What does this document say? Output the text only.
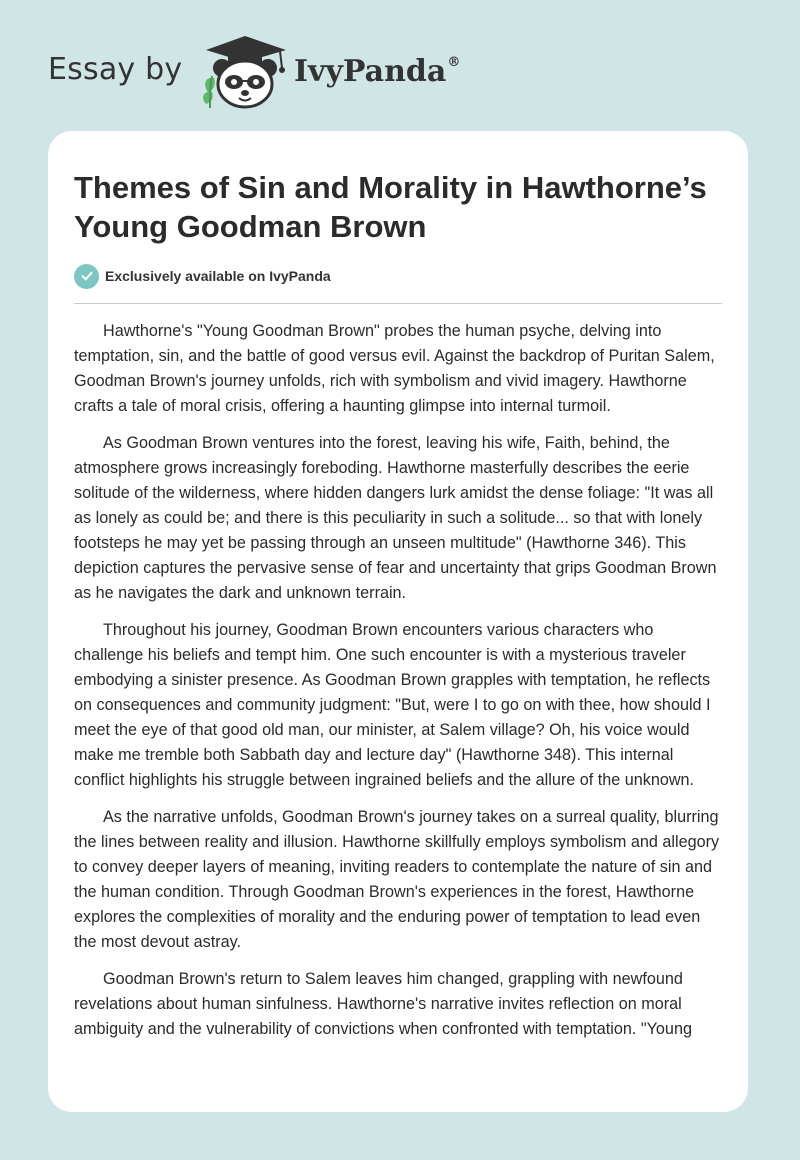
Essay by	IvyPanda®
Themes of Sin and Morality in Hawthorne’s Young Goodman Brown
Exclusively available on IvyPanda

Hawthorne's "Young Goodman Brown" probes the human psyche, delving into temptation, sin, and the battle of good versus evil. Against the backdrop of Puritan Salem, Goodman Brown's journey unfolds, rich with symbolism and vivid imagery. Hawthorne crafts a tale of moral crisis, offering a haunting glimpse into internal turmoil.

As Goodman Brown ventures into the forest, leaving his wife, Faith, behind, the atmosphere grows increasingly foreboding. Hawthorne masterfully describes the eerie solitude of the wilderness, where hidden dangers lurk amidst the dense foliage: "It was all as lonely as could be; and there is this peculiarity in such a solitude... so that with lonely footsteps he may yet be passing through an unseen multitude" (Hawthorne 346). This depiction captures the pervasive sense of fear and uncertainty that grips Goodman Brown as he navigates the dark and unknown terrain.

Throughout his journey, Goodman Brown encounters various characters who challenge his beliefs and tempt him. One such encounter is with a mysterious traveler embodying a sinister presence. As Goodman Brown grapples with temptation, he reflects on consequences and community judgment: "But, were I to go on with thee, how should I meet the eye of that good old man, our minister, at Salem village? Oh, his voice would make me tremble both Sabbath day and lecture day" (Hawthorne 348). This internal conflict highlights his struggle between ingrained beliefs and the allure of the unknown.

As the narrative unfolds, Goodman Brown's journey takes on a surreal quality, blurring the lines between reality and illusion. Hawthorne skillfully employs symbolism and allegory to convey deeper layers of meaning, inviting readers to contemplate the nature of sin and the human condition. Through Goodman Brown's experiences in the forest, Hawthorne explores the complexities of morality and the enduring power of temptation to lead even the most devout astray.

Goodman Brown's return to Salem leaves him changed, grappling with newfound revelations about human sinfulness. Hawthorne's narrative invites reflection on moral ambiguity and the vulnerability of convictions when confronted with temptation. "Young
